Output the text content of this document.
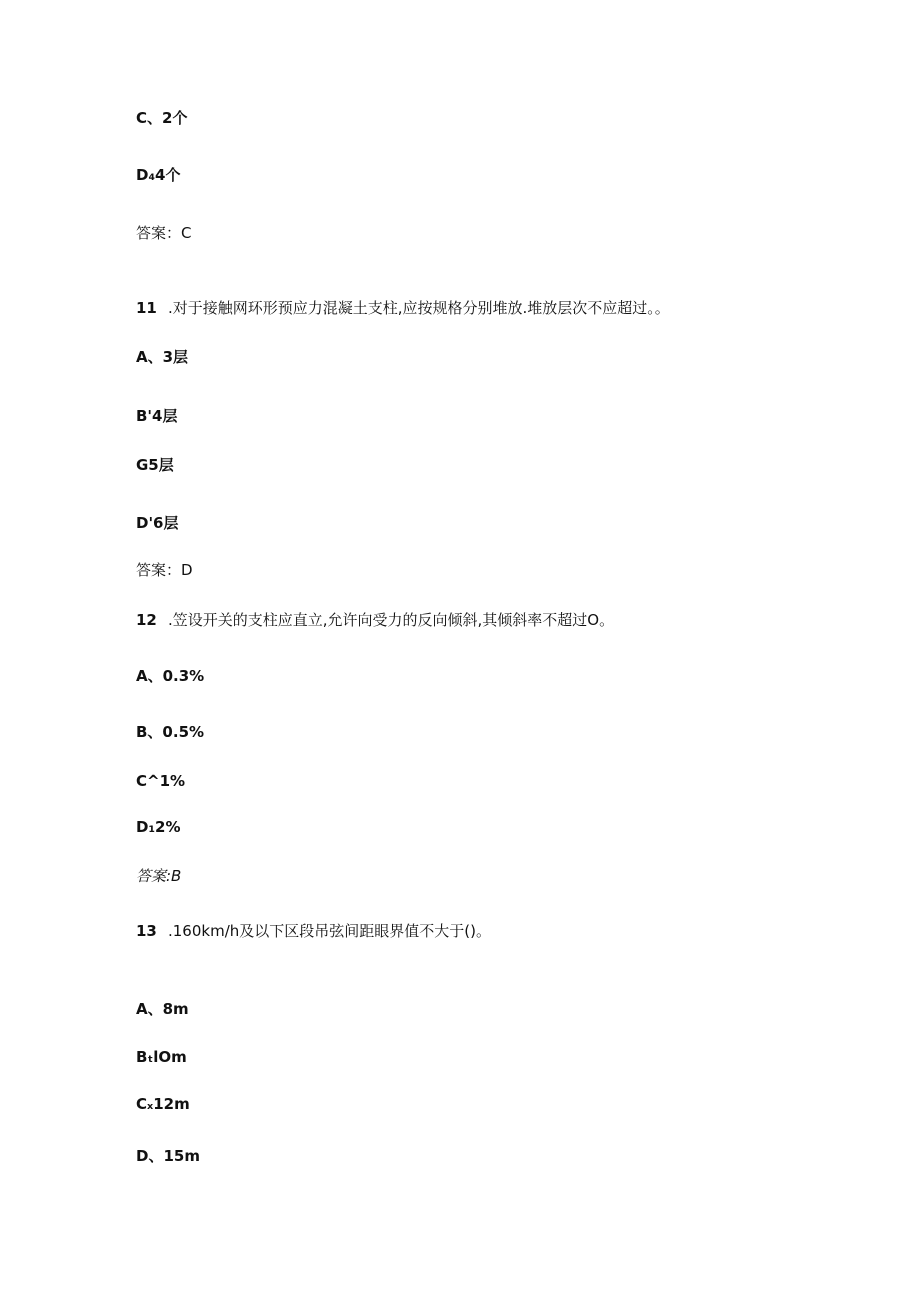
C、2个
D₄4个
答案：C
11 .对于接触网环形预应力混凝土支柱,应按规格分别堆放.堆放层次不应超过。。
A、3层
B'4层
G5层
D'6层
答案：D
12 .笠设开关的支柱应直立,允许向受力的反向倾斜,其倾斜率不超过O。
A、0.3%
B、0.5%
C^1%
D₁2%
答案:B
13 .160km/h及以下区段吊弦间距眼界值不大于()。
A、8m
BₜlOm
Cₓ12m
D、15m
